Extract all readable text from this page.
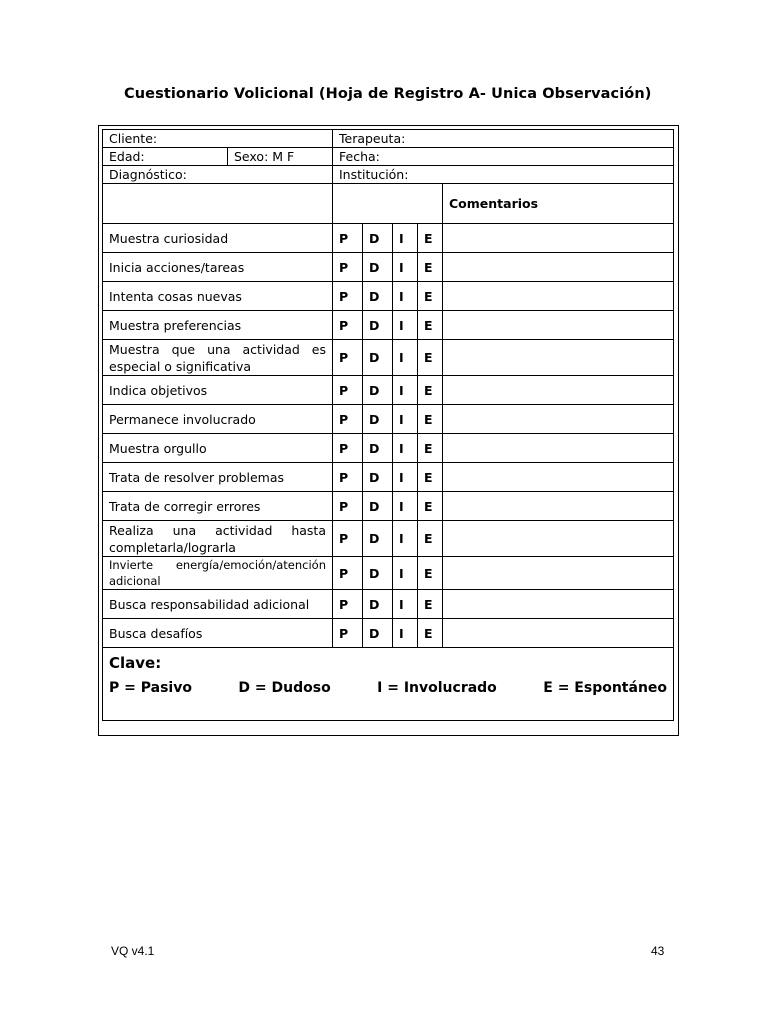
Cuestionario Volicional (Hoja de Registro A- Unica Observación)
Cliente:		Terapeuta:				
Edad:	Sexo: M F	Fecha:				
Diagnóstico:		Institución:				
						Comentarios
Muestra curiosidad		P	D	I	E	
Inicia acciones/tareas		P	D	I	E	
Intenta cosas nuevas		P	D	I	E	
Muestra preferencias		P	D	I	E	
Muestra que una actividad es especial o significativa		P	D	I	E	
Indica objetivos		P	D	I	E	
Permanece involucrado		P	D	I	E	
Muestra orgullo		P	D	I	E	
Trata de resolver problemas		P	D	I	E	
Trata de corregir errores		P	D	I	E	
Realiza una actividad hasta completarla/lograrla		P	D	I	E	
Invierte energía/emoción/atención adicional		P	D	I	E	
Busca responsabilidad adicional		P	D	I	E	
Busca desafíos		P	D	I	E	

Clave:
P = Pasivo D = Dudoso I = Involucrado E = Espontáneo						
VQ v4.1	43
